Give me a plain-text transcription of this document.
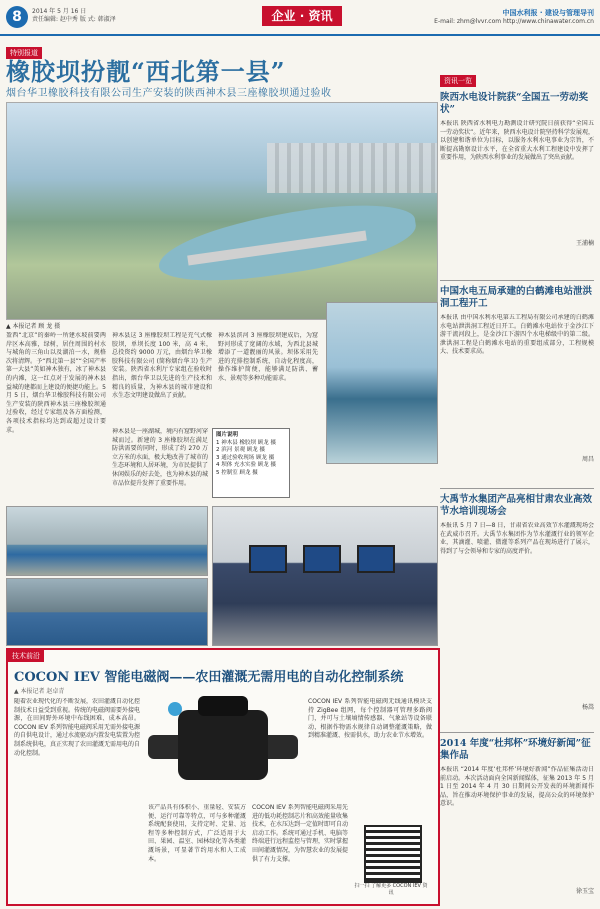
8	2014 年 5 月 16 日
责任编辑: 赵中秀 版 式: 韩淑泽	企业 · 资讯	中国水利报 · 建设与管理导刊
E-mail: zhm@lvvr.com http://www.chinawater.com.cn
特别报道
橡胶坝扮靓“西北第一县”
烟台华卫橡胶科技有限公司生产安装的陕西神木县三座橡胶坝通过验收
▲ 本报记者 顾 龙 摄
盈西“北京”的秦岭一所建水坡前要两岸区本高雅，绿树，居住周围的村水与城角的三角山以及湖泊一水，规格次将清辉。予“西北第一县”“全国产率第一大县”美如神木独有，冰了神木县的内滩，这一红点对于发展的神木县益城的建都而上建设的便捷功能上。5 月 5 日，烟台华卫橡胶科技有限公司生产安装的陕西神木县三座橡胶坝通过验收，经过专家组及各方面检测，各项技术指标均达到或超过设计要求。
神木县这 3 座橡胶坝工程是充气式橡胶坝，单坝长度 100 米，高 4 米，总投资约 9000 万元，由烟台华卫橡胶科技有限公司 (简称烟台华卫) 生产安装。陕西省水利厅专家组在验收时指出，烟台华卫以先进的生产技术和精良的质量，为神木县的城市建设和水生态文明建设做出了贡献。
神木县滨河 3 座橡胶坝建成后，为窟野河形成了宽阔的水域，为西北县城增添了一道靓丽的风景。坝体采用先进的充排控制系统，自动化程度高，操作维护简便，能够满足防洪、蓄水、景观等多种功能需求。
神木县是一座湖城，境内有窟野河穿城而过。新建的 3 座橡胶坝在满足防洪需要的同时，形成了约 270 万立方米的水面，极大地改善了城市的生态环境和人居环境，为市民提供了休闲娱乐的好去处，也为神木县的城市品位提升发挥了重要作用。
图片说明
1 神木县 橡胶坝 顾龙 摄
2 滨河 景观 顾龙 摄
3 通过验收现场 顾龙 摄
4 坝体 充水实验 顾龙 摄
5 控制室 顾龙 摄
技术前沿
COCON IEV 智能电磁阀——农田灌溉无需用电的自动化控制系统
▲ 本报记者 赵卓青
随着农业现代化的不断发展，农田灌溉自动化控制技术日益受到重视。传统的电磁阀需要外接电源，在田间野外环境中布线困难、成本高昂。COCON IEV 系列智能电磁阀采用无需外接电源的自供电设计，通过水流驱动内置发电装置为控制系统供电，真正实现了农田灌溉无需用电的自动化控制。
该产品具有体积小、重量轻、安装方便、运行可靠等特点，可与多种灌溉系统配套使用，支持定时、定量、远程等多种控制方式，广泛适用于大田、果园、温室、园林绿化等各类灌溉场景，可显著节约用水和人工成本。
COCON IEV 系列智能电磁阀采用先进的低功耗控制芯片和高效能量收集技术，在水压达到一定值时即可自动启动工作。系统可通过手机、电脑等终端进行远程监控与管理，实时掌握田间灌溉情况，为智慧农业的发展提供了有力支撑。
COCON IEV 系列智能电磁阀无线通讯模块支持 ZigBee 组网，每个控制器可管理多路阀门，并可与土壤墒情传感器、气象站等设备联动，根据作物需水规律自动调整灌溉策略，做到精准灌溉、按需供水，助力农业节水增效。
扫一扫 了解更多 COCON IEV 资讯
资讯一览
陕西水电设计院获“全国五一劳动奖状”
本报讯 陕西省水利电力勘测设计研究院日前获得“全国五一劳动奖状”。近年来，陕西水电设计院坚持科学发展观，以创建和谐单位为目标，以服务水利水电事业为宗旨，不断提高勘察设计水平，在全省重大水利工程建设中发挥了重要作用，为陕西水利事业的发展做出了突出贡献。
王浦楠
中国水电五局承建的白鹤滩电站泄洪洞工程开工
本报讯 由中国水利水电第五工程局有限公司承建的白鹤滩水电站泄洪洞工程近日开工。白鹤滩水电站位于金沙江下游干流河段上，是金沙江下游四个水电梯级中的第二级。泄洪洞工程是白鹤滩水电站的重要组成部分，工程规模大、技术要求高。
周昌
大禹节水集团产品亮相甘肃农业高效节水培训现场会
本报讯 5 月 7 日—8 日，甘肃省农业高效节水灌溉现场会在武威市召开。大禹节水集团作为节水灌溉行业的领军企业，其滴灌、喷灌、微灌等系列产品在现场进行了展示，得到了与会领导和专家的高度评价。
杨嵩
2014 年度“杜邦杯”环境好新闻”征集作品
本报讯 “2014 年度‘杜邦杯’环境好新闻”作品征集活动日前启动。本次活动面向全国新闻媒体，征集 2013 年 5 月 1 日至 2014 年 4 月 30 日期间公开发表的环境新闻作品，旨在推动环境保护事业的发展，提高公众的环境保护意识。
徐玉宝
